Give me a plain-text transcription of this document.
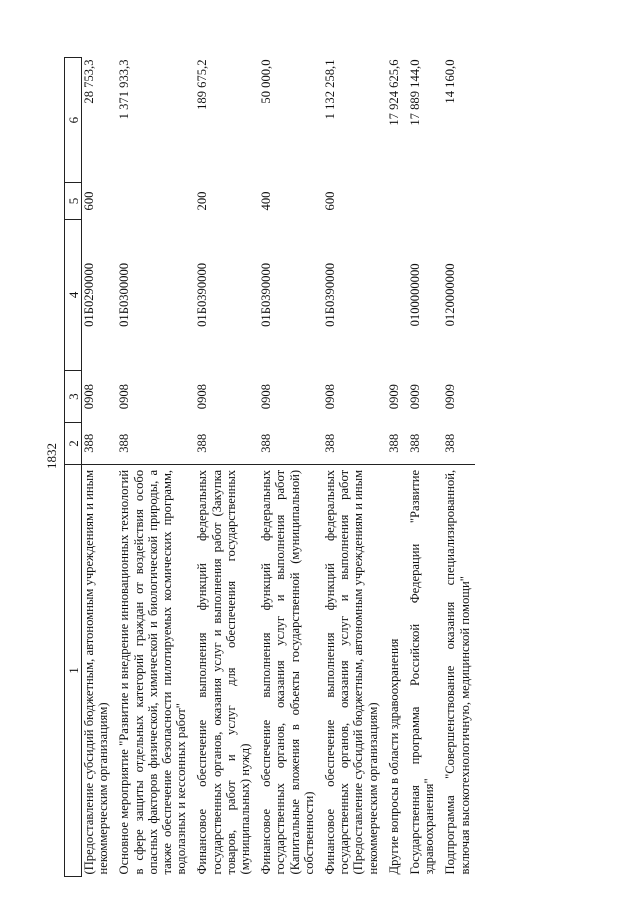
1832
1	2	3	4	5	6
(Предоставление субсидий бюджетным, автономным учреждениям и иным некоммерческим организациям)	388	0908	01Б0290000	600	28 753,3
Основное мероприятие "Развитие и внедрение инновационных технологий в сфере защиты отдельных категорий граждан от воздействия особо опасных факторов физической, химической и биологической природы, а также обеспечение безопасности пилотируемых космических программ, водолазных и кессонных работ"	388	0908	01Б0300000		1 371 933,3
Финансовое обеспечение выполнения функций федеральных государственных органов, оказания услуг и выполнения работ (Закупка товаров, работ и услуг для обеспечения государственных (муниципальных) нужд)	388	0908	01Б0390000	200	189 675,2
Финансовое обеспечение выполнения функций федеральных государственных органов, оказания услуг и выполнения работ (Капитальные вложения в объекты государственной (муниципальной) собственности)	388	0908	01Б0390000	400	50 000,0
Финансовое обеспечение выполнения функций федеральных государственных органов, оказания услуг и выполнения работ (Предоставление субсидий бюджетным, автономным учреждениям и иным некоммерческим организациям)	388	0908	01Б0390000	600	1 132 258,1
Другие вопросы в области здравоохранения	388	0909			17 924 625,6
Государственная программа Российской Федерации "Развитие здравоохранения"	388	0909	0100000000		17 889 144,0
Подпрограмма "Совершенствование оказания специализированной, включая высокотехнологичную, медицинской помощи"	388	0909	0120000000		14 160,0
